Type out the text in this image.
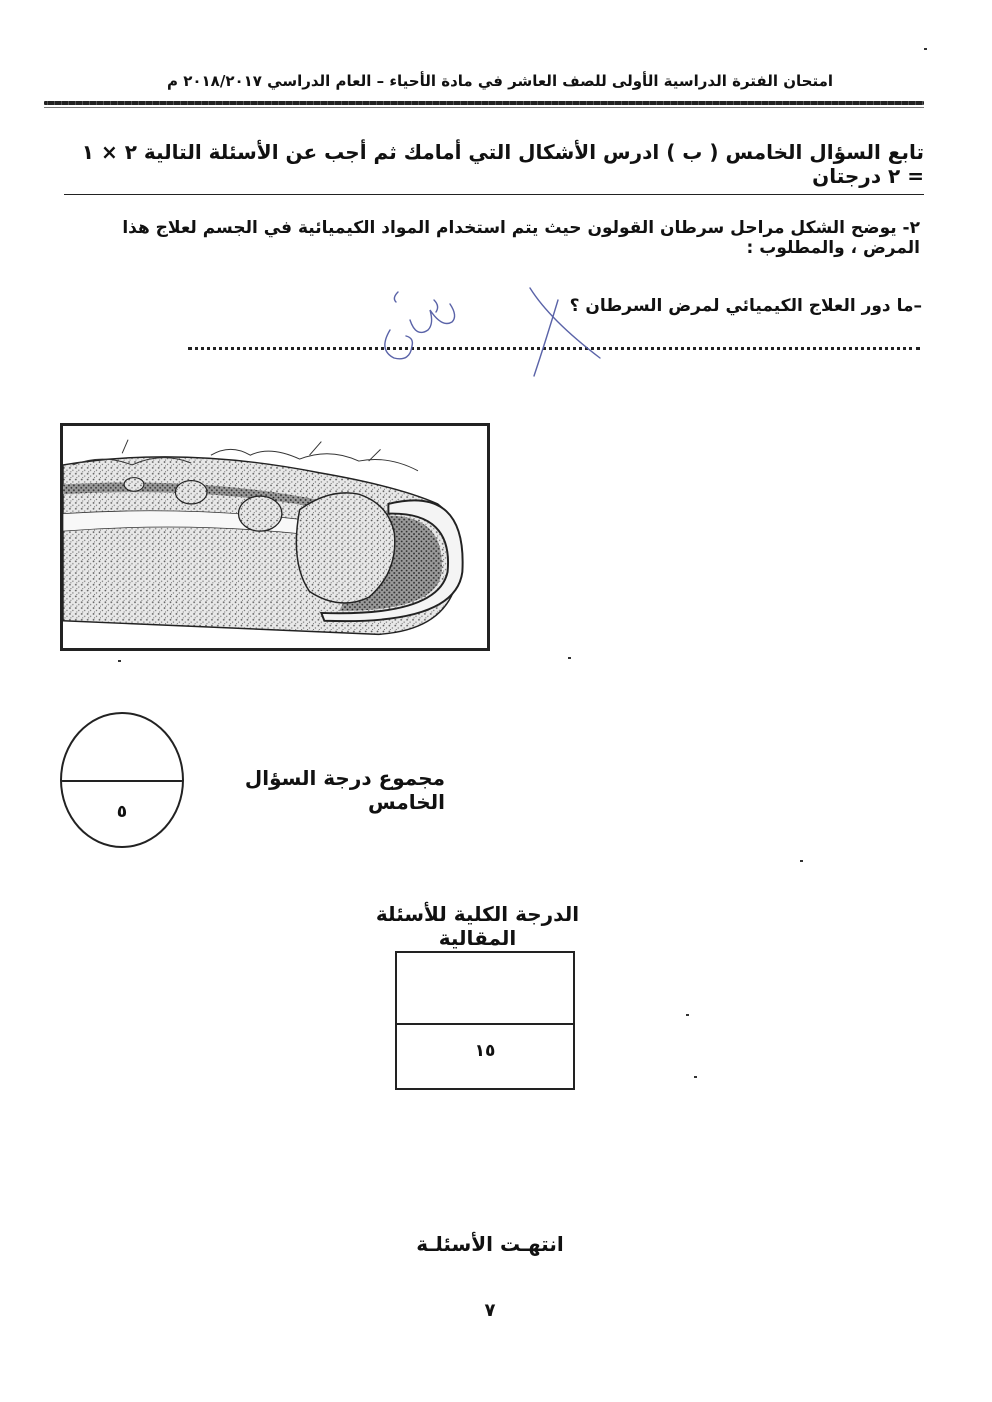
امتحان الفترة الدراسية الأولى للصف العاشر في مادة الأحياء – العام الدراسي ٢٠١٨/٢٠١٧ م
تابع السؤال الخامس ( ب ) ادرس الأشكال التي أمامك ثم أجب عن الأسئلة التالية ٢ × ١ = ٢ درجتان
٢- يوضح الشكل مراحل سرطان القولون حيث يتم استخدام المواد الكيميائية في الجسم لعلاج هذا المرض ، والمطلوب :
–ما دور العلاج الكيميائي لمرض السرطان ؟
٥
مجموع درجة السؤال الخامس
الدرجة الكلية للأسئلة المقالية
١٥
انتهـت الأسئلـة
٧
